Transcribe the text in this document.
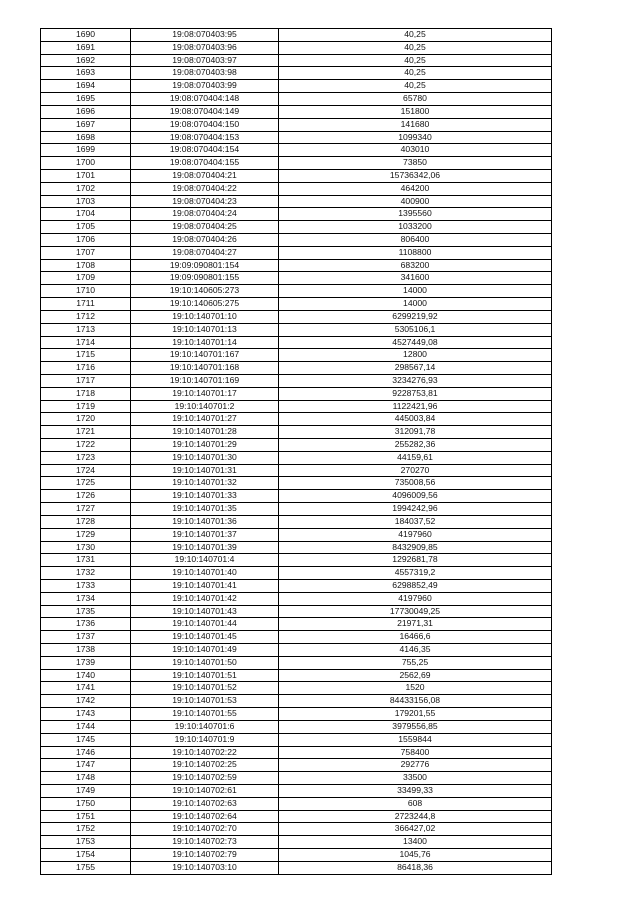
1690	19:08:070403:95	40,25
1691	19:08:070403:96	40,25
1692	19:08:070403:97	40,25
1693	19:08:070403:98	40,25
1694	19:08:070403:99	40,25
1695	19:08:070404:148	65780
1696	19:08:070404:149	151800
1697	19:08:070404:150	141680
1698	19:08:070404:153	1099340
1699	19:08:070404:154	403010
1700	19:08:070404:155	73850
1701	19:08:070404:21	15736342,06
1702	19:08:070404:22	464200
1703	19:08:070404:23	400900
1704	19:08:070404:24	1395560
1705	19:08:070404:25	1033200
1706	19:08:070404:26	806400
1707	19:08:070404:27	1108800
1708	19:09:090801:154	683200
1709	19:09:090801:155	341600
1710	19:10:140605:273	14000
1711	19:10:140605:275	14000
1712	19:10:140701:10	6299219,92
1713	19:10:140701:13	5305106,1
1714	19:10:140701:14	4527449,08
1715	19:10:140701:167	12800
1716	19:10:140701:168	298567,14
1717	19:10:140701:169	3234276,93
1718	19:10:140701:17	9228753,81
1719	19:10:140701:2	1122421,96
1720	19:10:140701:27	445003,84
1721	19:10:140701:28	312091,78
1722	19:10:140701:29	255282,36
1723	19:10:140701:30	44159,61
1724	19:10:140701:31	270270
1725	19:10:140701:32	735008,56
1726	19:10:140701:33	4096009,56
1727	19:10:140701:35	1994242,96
1728	19:10:140701:36	184037,52
1729	19:10:140701:37	4197960
1730	19:10:140701:39	8432909,85
1731	19:10:140701:4	1292681,78
1732	19:10:140701:40	4557319,2
1733	19:10:140701:41	6298852,49
1734	19:10:140701:42	4197960
1735	19:10:140701:43	17730049,25
1736	19:10:140701:44	21971,31
1737	19:10:140701:45	16466,6
1738	19:10:140701:49	4146,35
1739	19:10:140701:50	755,25
1740	19:10:140701:51	2562,69
1741	19:10:140701:52	1520
1742	19:10:140701:53	84433156,08
1743	19:10:140701:55	179201,55
1744	19:10:140701:6	3979556,85
1745	19:10:140701:9	1559844
1746	19:10:140702:22	758400
1747	19:10:140702:25	292776
1748	19:10:140702:59	33500
1749	19:10:140702:61	33499,33
1750	19:10:140702:63	608
1751	19:10:140702:64	2723244,8
1752	19:10:140702:70	366427,02
1753	19:10:140702:73	13400
1754	19:10:140702:79	1045,76
1755	19:10:140703:10	86418,36
